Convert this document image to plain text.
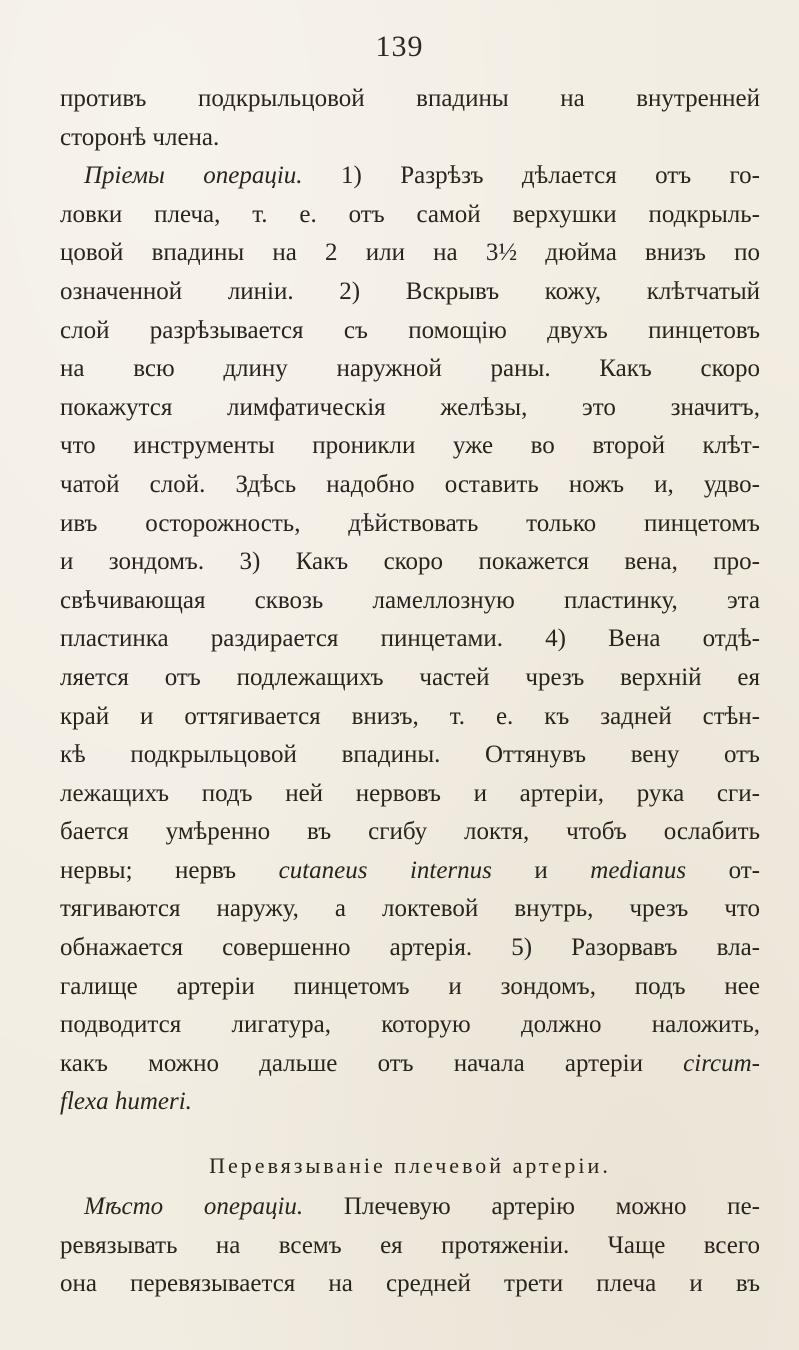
139
противъ подкрыльцовой впадины на внутренней
сторонѣ члена.
Пріемы операціи. 1) Разрѣзъ дѣлается отъ го-
ловки плеча, т. е. отъ самой верхушки подкрыль-
цовой впадины на 2 или на 3½ дюйма внизъ по
означенной линіи. 2) Вскрывъ кожу, клѣтчатый
слой разрѣзывается съ помощію двухъ пинцетовъ
на всю длину наружной раны. Какъ скоро
покажутся лимфатическія желѣзы, это значитъ,
что инструменты проникли уже во второй клѣт-
чатой слой. Здѣсь надобно оставить ножъ и, удво-
ивъ осторожность, дѣйствовать только пинцетомъ
и зондомъ. 3) Какъ скоро покажется вена, про-
свѣчивающая сквозь ламеллозную пластинку, эта
пластинка раздирается пинцетами. 4) Вена отдѣ-
ляется отъ подлежащихъ частей чрезъ верхній ея
край и оттягивается внизъ, т. е. къ задней стѣн-
кѣ подкрыльцовой впадины. Оттянувъ вену отъ
лежащихъ подъ ней нервовъ и артеріи, рука сги-
бается умѣренно въ сгибу локтя, чтобъ ослабить
нервы; нервъ cutaneus internus и medianus от-
тягиваются наружу, а локтевой внутрь, чрезъ что
обнажается совершенно артерія. 5) Разорвавъ вла-
галище артеріи пинцетомъ и зондомъ, подъ нее
подводится лигатура, которую должно наложить,
какъ можно дальше отъ начала артеріи circum-
flexa humeri.
Перевязываніе плечевой артеріи.
Мѣсто операціи. Плечевую артерію можно пе-
ревязывать на всемъ ея протяженіи. Чаще всего
она перевязывается на средней трети плеча и въ
